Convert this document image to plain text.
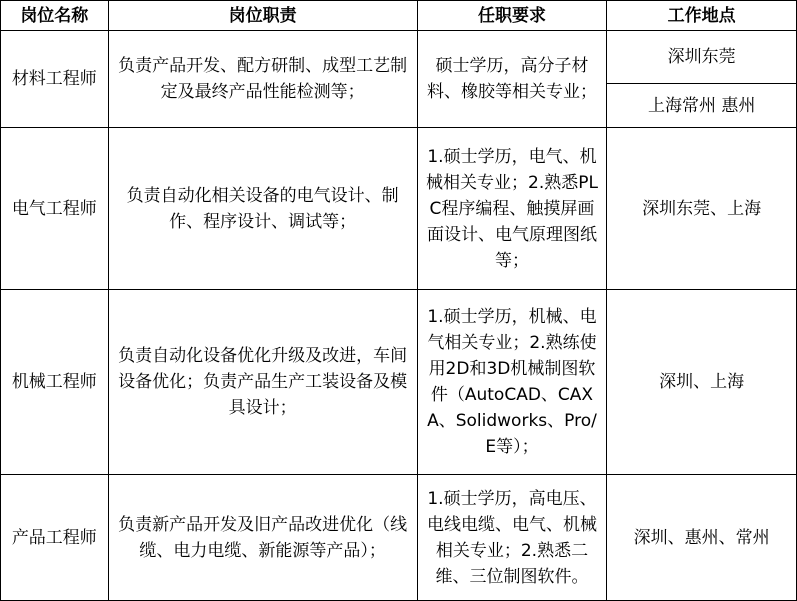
岗位名称	岗位职责	任职要求	工作地点
材料工程师	负责产品开发、配方研制、成型工艺制定及最终产品性能检测等；	硕士学历，高分子材料、橡胶等相关专业；	深圳东莞
			上海常州 惠州
电气工程师	负责自动化相关设备的电气设计、制作、程序设计、调试等；	1.硕士学历，电气、机械相关专业；2.熟悉PLC程序编程、触摸屏画面设计、电气原理图纸等；	深圳东莞、上海
机械工程师	负责自动化设备优化升级及改进，车间设备优化；负责产品生产工装设备及模具设计；	1.硕士学历，机械、电气相关专业；2.熟练使用2D和3D机械制图软件（AutoCAD、CAXA、Solidworks、Pro/E等）；	深圳、上海
产品工程师	负责新产品开发及旧产品改进优化（线缆、电力电缆、新能源等产品）；	1.硕士学历，高电压、电线电缆、电气、机械相关专业；2.熟悉二维、三位制图软件。	深圳、惠州、常州
